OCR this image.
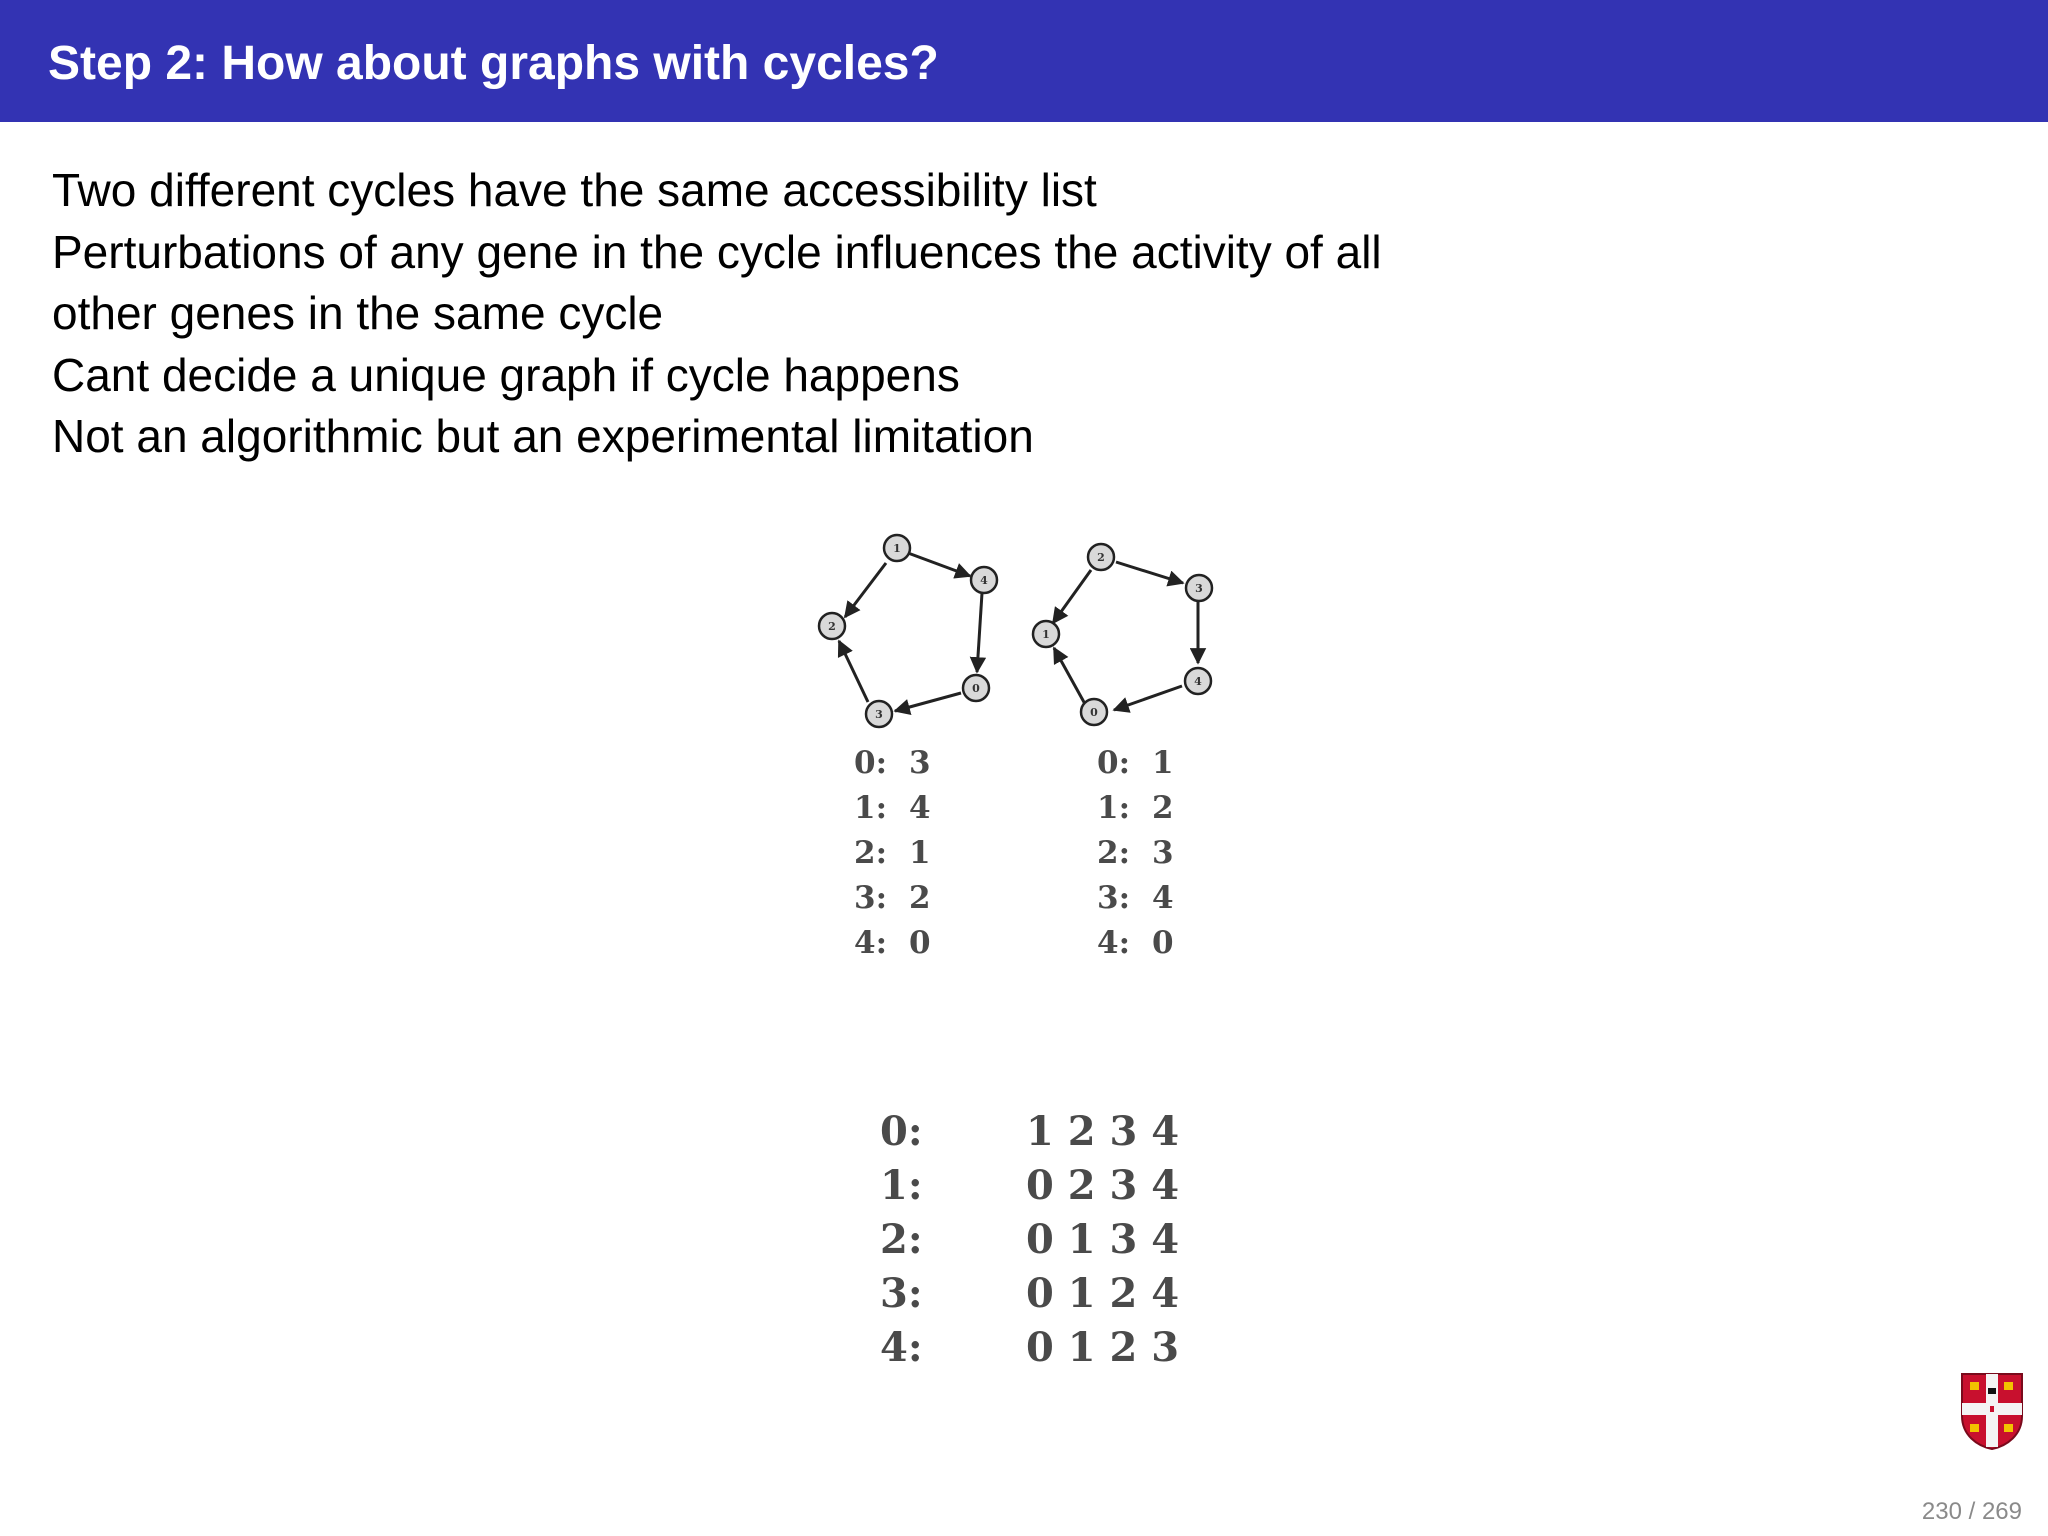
Step 2: How about graphs with cycles?
Two different cycles have the same accessibility list
Perturbations of any gene in the cycle influences the activity of all
other genes in the same cycle
Cant decide a unique graph if cycle happens
Not an algorithmic but an experimental limitation
1
4
0
3
2
2
3
4
0
1
0: 3
1: 4
2: 1
3: 2
4: 0
0: 1
1: 2
2: 3
3: 4
4: 0
0:	1 2 3 4
1:	0 2 3 4
2:	0 1 3 4
3:	0 1 2 4
4:	0 1 2 3
230 / 269
